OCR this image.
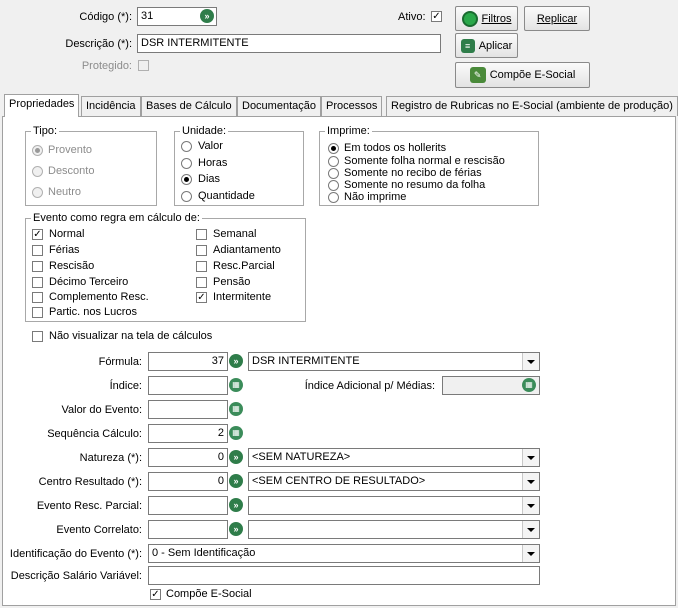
Código (*): 31	»
Descrição (*): DSR INTERMITENTE
Protegido:
Ativo: ✓	Filtros Replicar
≡ Aplicar
✎ Compõe E-Social
Propriedades	Incidência Bases de Cálculo Documentação Processos	Registro de Rubricas no E-Social (ambiente de produção)
Tipo:
Provento
Desconto
Neutro
Unidade:
Valor
Horas
Dias
Quantidade
Imprime:
Em todos os hollerits
Somente folha normal e rescisão
Somente no recibo de férias
Somente no resumo da folha
Não imprime
Evento como regra em cálculo de:
✓ Normal
Férias
Rescisão
Décimo Terceiro
Complemento Resc.
Partic. nos Lucros
Semanal
Adiantamento
Resc.Parcial
Pensão
✓ Intermitente
Não visualizar na tela de cálculos
Fórmula:	37	»	DSR INTERMITENTE
Índice:	▦	Índice Adicional p/ Médias:	▦
Valor do Evento:	▦
Sequência Cálculo:	2	▦
Natureza (*):	0	»	<SEM NATUREZA>
Centro Resultado (*):	0	»	<SEM CENTRO DE RESULTADO>
Evento Resc. Parcial:	»
Evento Correlato:	»
Identificação do Evento (*): 0 - Sem Identificação
Descrição Salário Variável:
✓ Compõe E-Social
